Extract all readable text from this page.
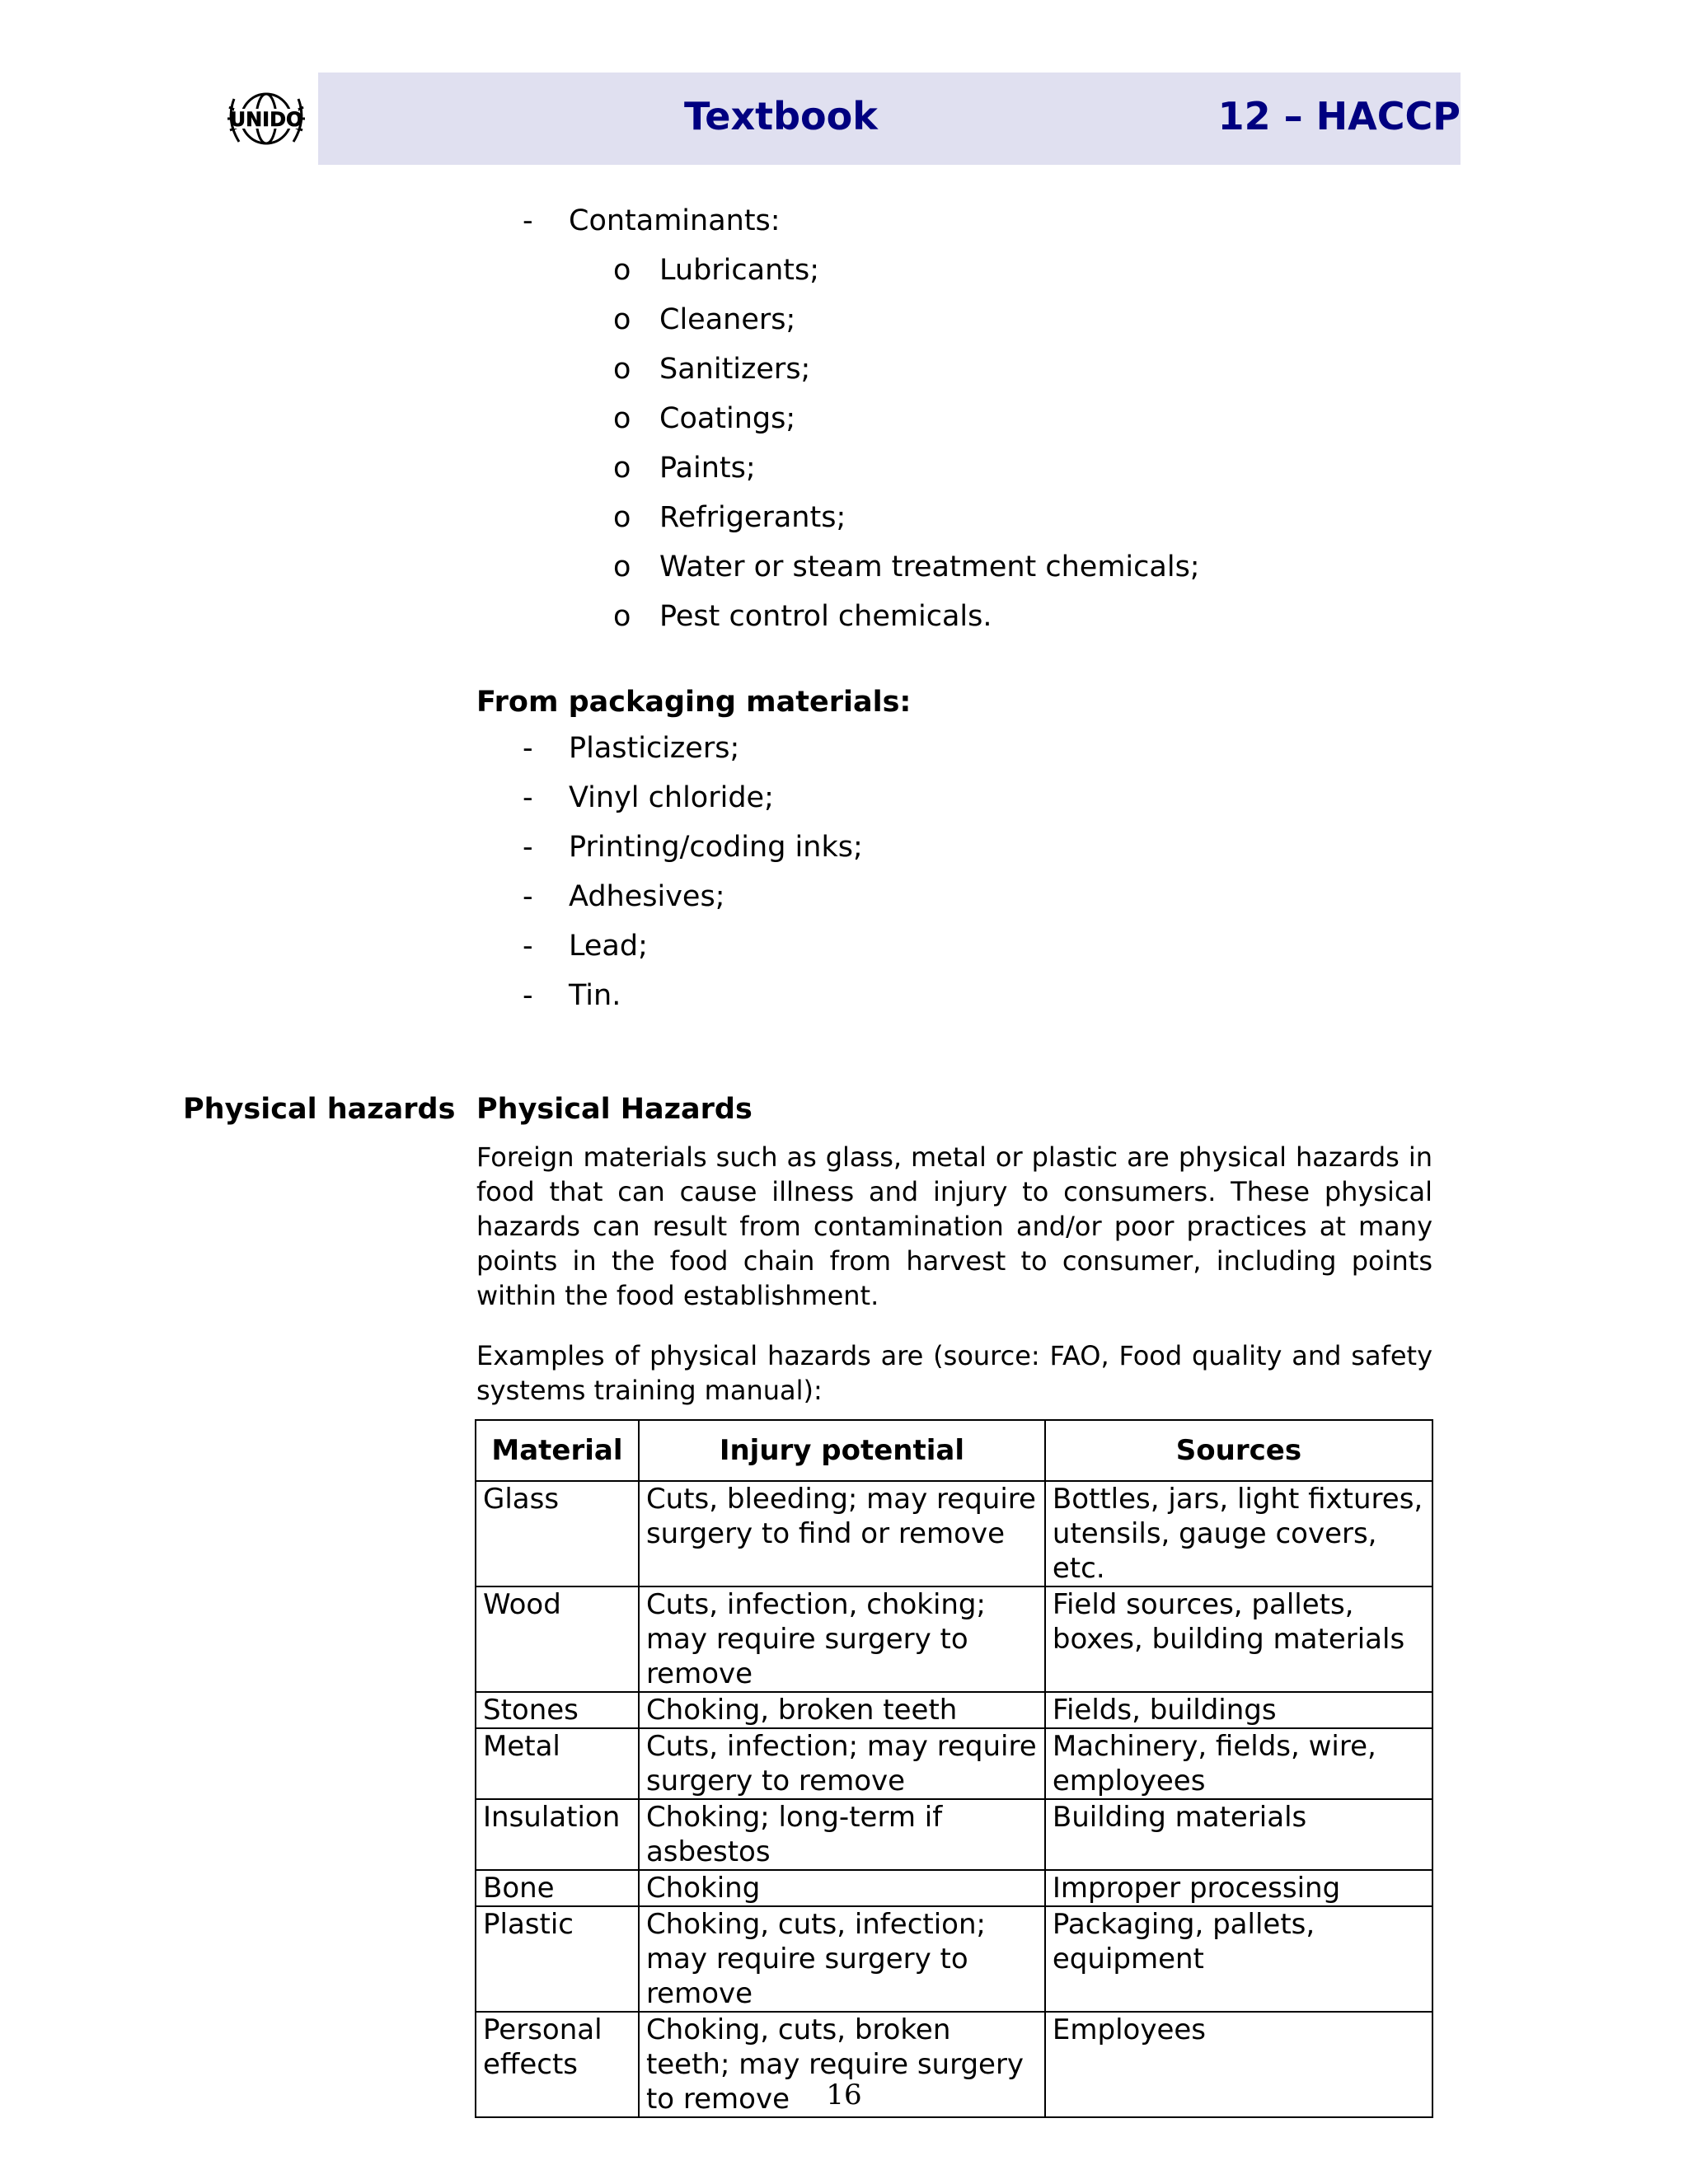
UNIDO	Textbook	12 – HACCP
- Contaminants:
o Lubricants;
o Cleaners;
o Sanitizers;
o Coatings;
o Paints;
o Refrigerants;
o Water or steam treatment chemicals;
o Pest control chemicals.
From packaging materials:
- Plasticizers;
- Vinyl chloride;
- Printing/coding inks;
- Adhesives;
- Lead;
- Tin.
Physical hazards Physical Hazards
Foreign materials such as glass, metal or plastic are physical hazards in food that can cause illness and injury to consumers. These physical hazards can result from contamination and/or poor practices at many points in the food chain from harvest to consumer, including points within the food establishment.
Examples of physical hazards are (source: FAO, Food quality and safety systems training manual):
Material	Injury potential	Sources
Glass	Cuts, bleeding; may require surgery to find or remove	Bottles, jars, light fixtures, utensils, gauge covers, etc.
Wood	Cuts, infection, choking; may require surgery to remove	Field sources, pallets, boxes, building materials
Stones	Choking, broken teeth	Fields, buildings
Metal	Cuts, infection; may require surgery to remove	Machinery, fields, wire, employees
Insulation	Choking; long-term if asbestos	Building materials
Bone	Choking	Improper processing
Plastic	Choking, cuts, infection; may require surgery to remove	Packaging, pallets, equipment
Personal effects	Choking, cuts, broken teeth; may require surgery to remove	Employees
16
